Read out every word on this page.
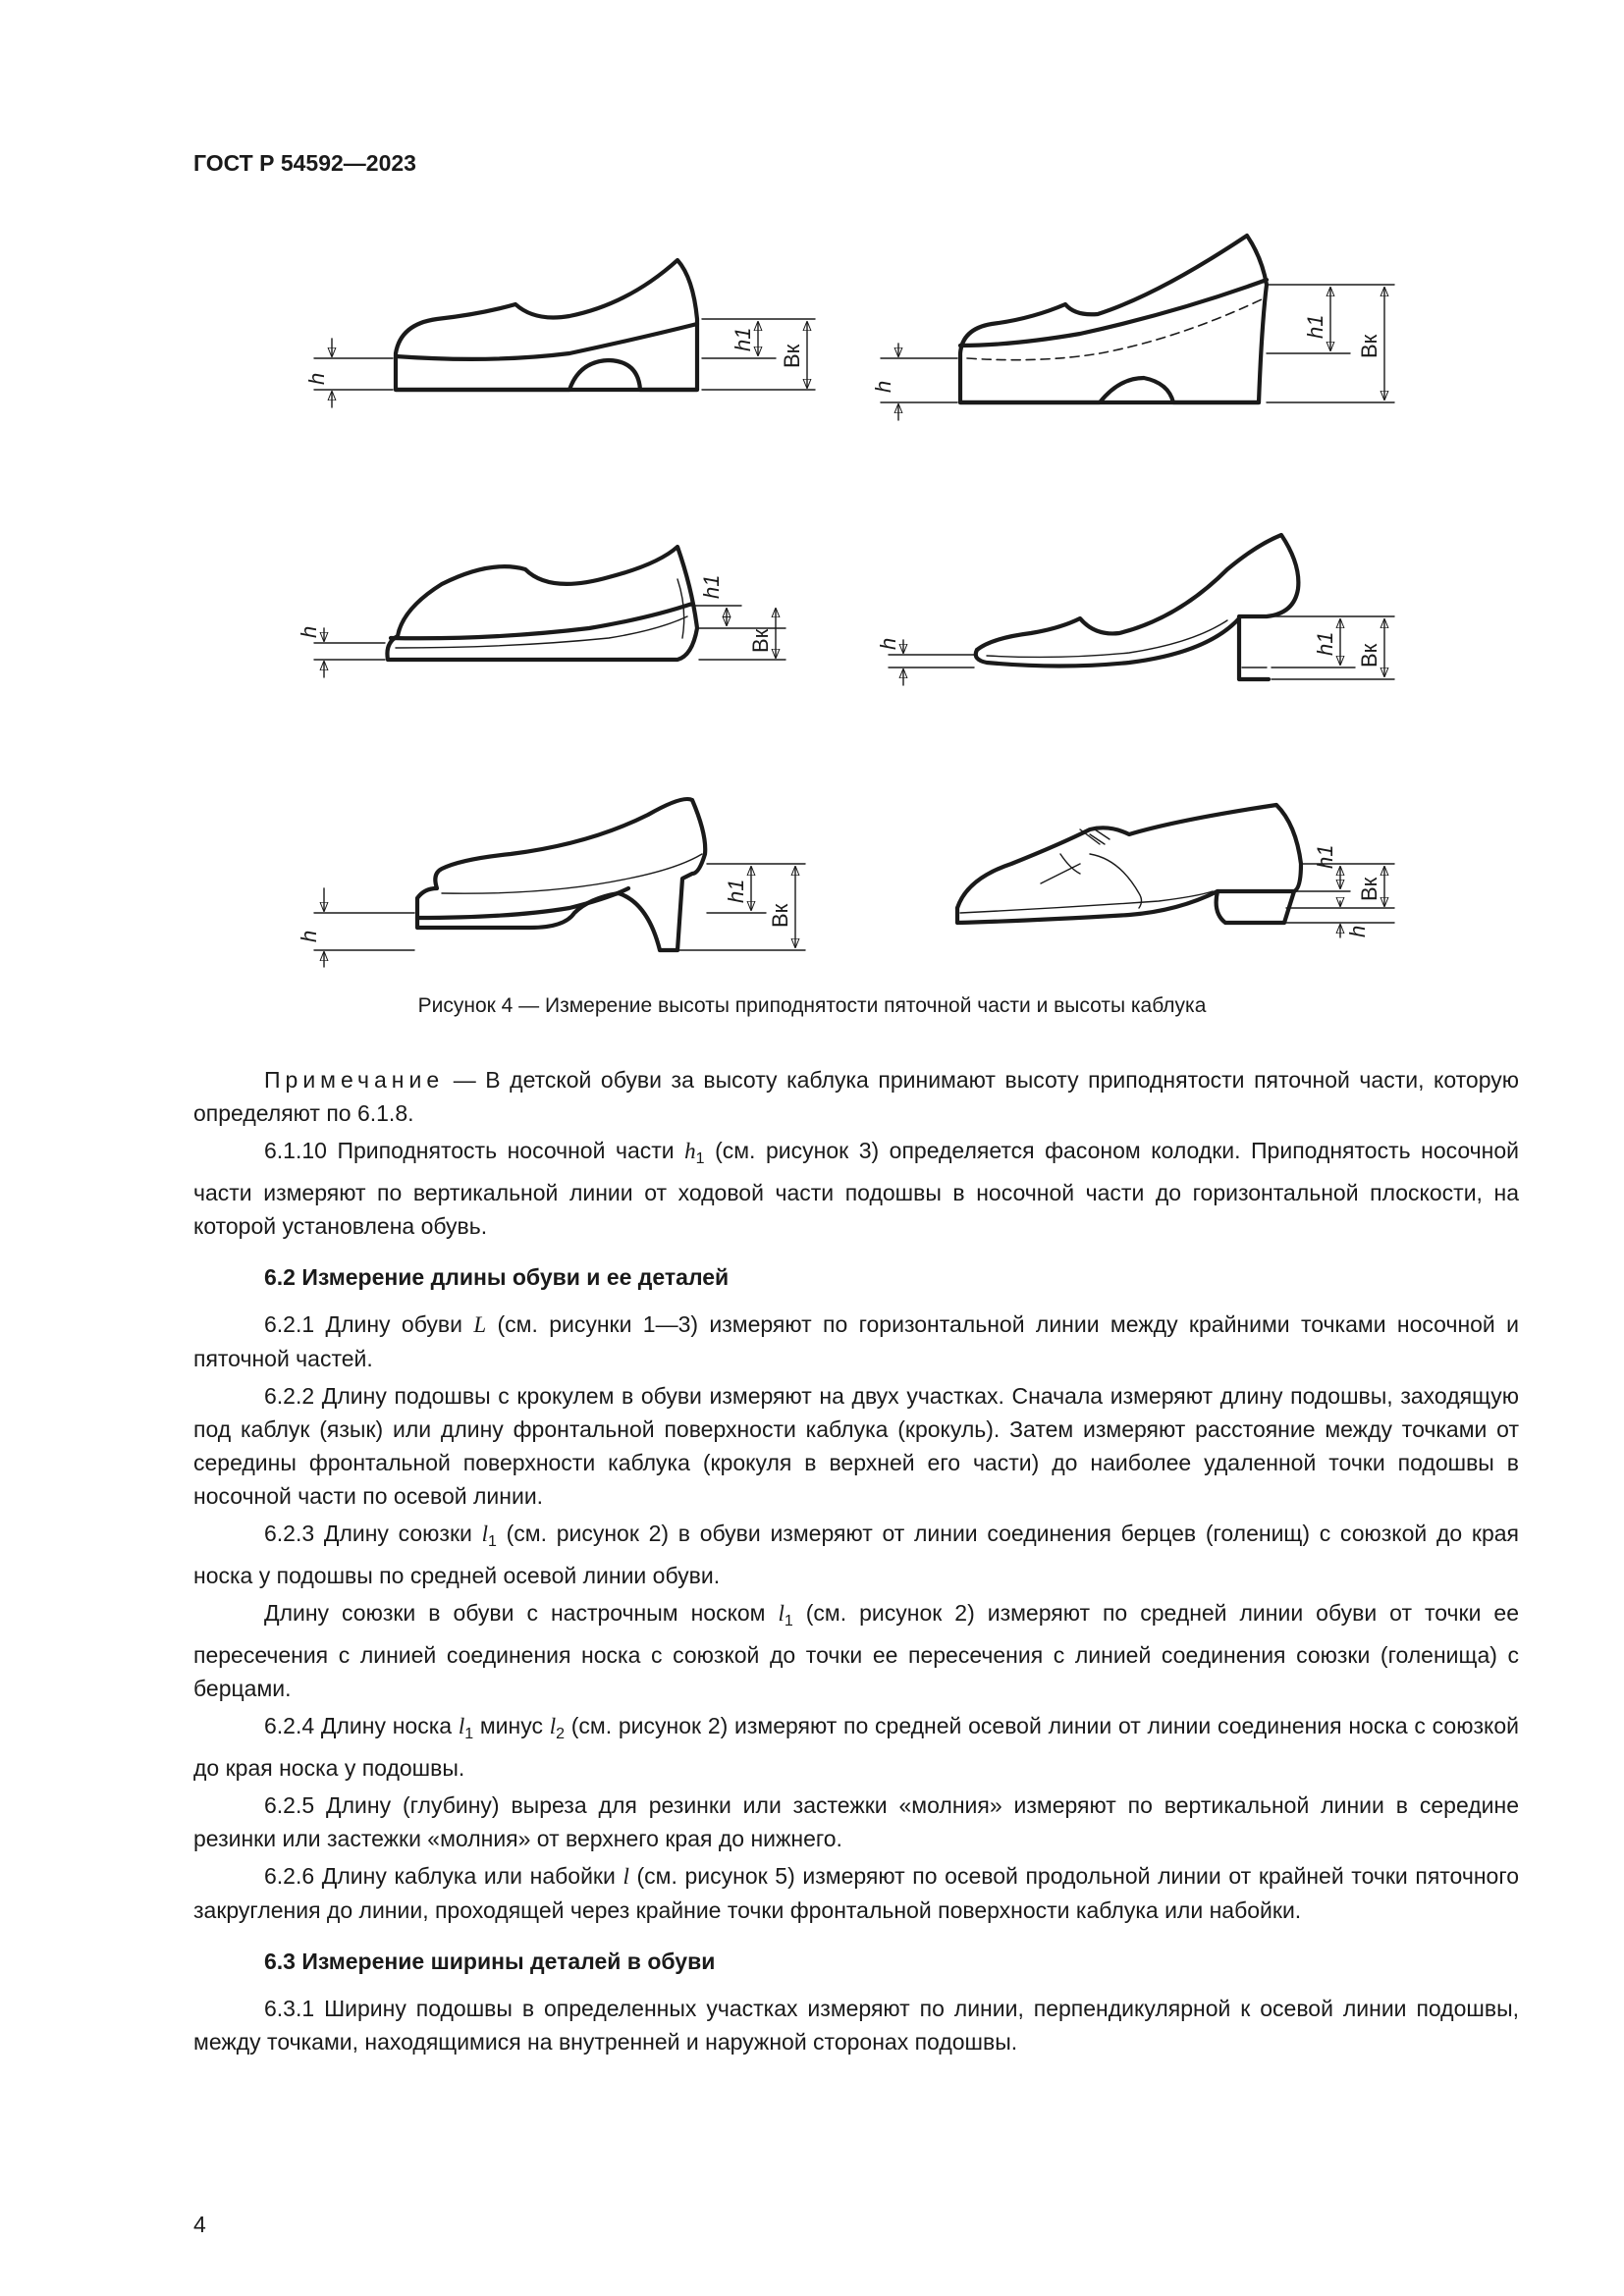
ГОСТ Р 54592—2023
h
h1
Вк
h
h1
Вк
h
h1
Вк	h	h1 Вк
h
h1
Вк
h1
Вк
h
Рисунок 4 — Измерение высоты приподнятости пяточной части и высоты каблука

Примечание — В детской обуви за высоту каблука принимают высоту приподнятости пяточной части, которую определяют по 6.1.8.

6.1.10 Приподнятость носочной части $h_1$ (см. рисунок 3) определяется фасоном колодки. Приподнятость носочной части измеряют по вертикальной линии от ходовой части подошвы в носочной части до горизонтальной плоскости, на которой установлена обувь.

6.2 Измерение длины обуви и ее деталей

6.2.1 Длину обуви L (см. рисунки 1—3) измеряют по горизонтальной линии между крайними точками носочной и пяточной частей.

6.2.2 Длину подошвы с крокулем в обуви измеряют на двух участках. Сначала измеряют длину подошвы, заходящую под каблук (язык) или длину фронтальной поверхности каблука (крокуль). Затем измеряют расстояние между точками от середины фронтальной поверхности каблука (крокуля в верхней его части) до наиболее удаленной точки подошвы в носочной части по осевой линии.

6.2.3 Длину союзки $l_1$ (см. рисунок 2) в обуви измеряют от линии соединения берцев (голенищ) с союзкой до края носка у подошвы по средней осевой линии обуви.

Длину союзки в обуви с настрочным носком $l_1$ (см. рисунок 2) измеряют по средней линии обуви от точки ее пересечения с линией соединения носка с союзкой до точки ее пересечения с линией соединения союзки (голенища) с берцами.

6.2.4 Длину носка $l_1$ минус $l_2$ (см. рисунок 2) измеряют по средней осевой линии от линии соединения носка с союзкой до края носка у подошвы.

6.2.5 Длину (глубину) выреза для резинки или застежки «молния» измеряют по вертикальной линии в середине резинки или застежки «молния» от верхнего края до нижнего.

6.2.6 Длину каблука или набойки l (см. рисунок 5) измеряют по осевой продольной линии от крайней точки пяточного закругления до линии, проходящей через крайние точки фронтальной поверхности каблука или набойки.

6.3 Измерение ширины деталей в обуви

6.3.1 Ширину подошвы в определенных участках измеряют по линии, перпендикулярной к осевой линии подошвы, между точками, находящимися на внутренней и наружной сторонах подошвы.

4
